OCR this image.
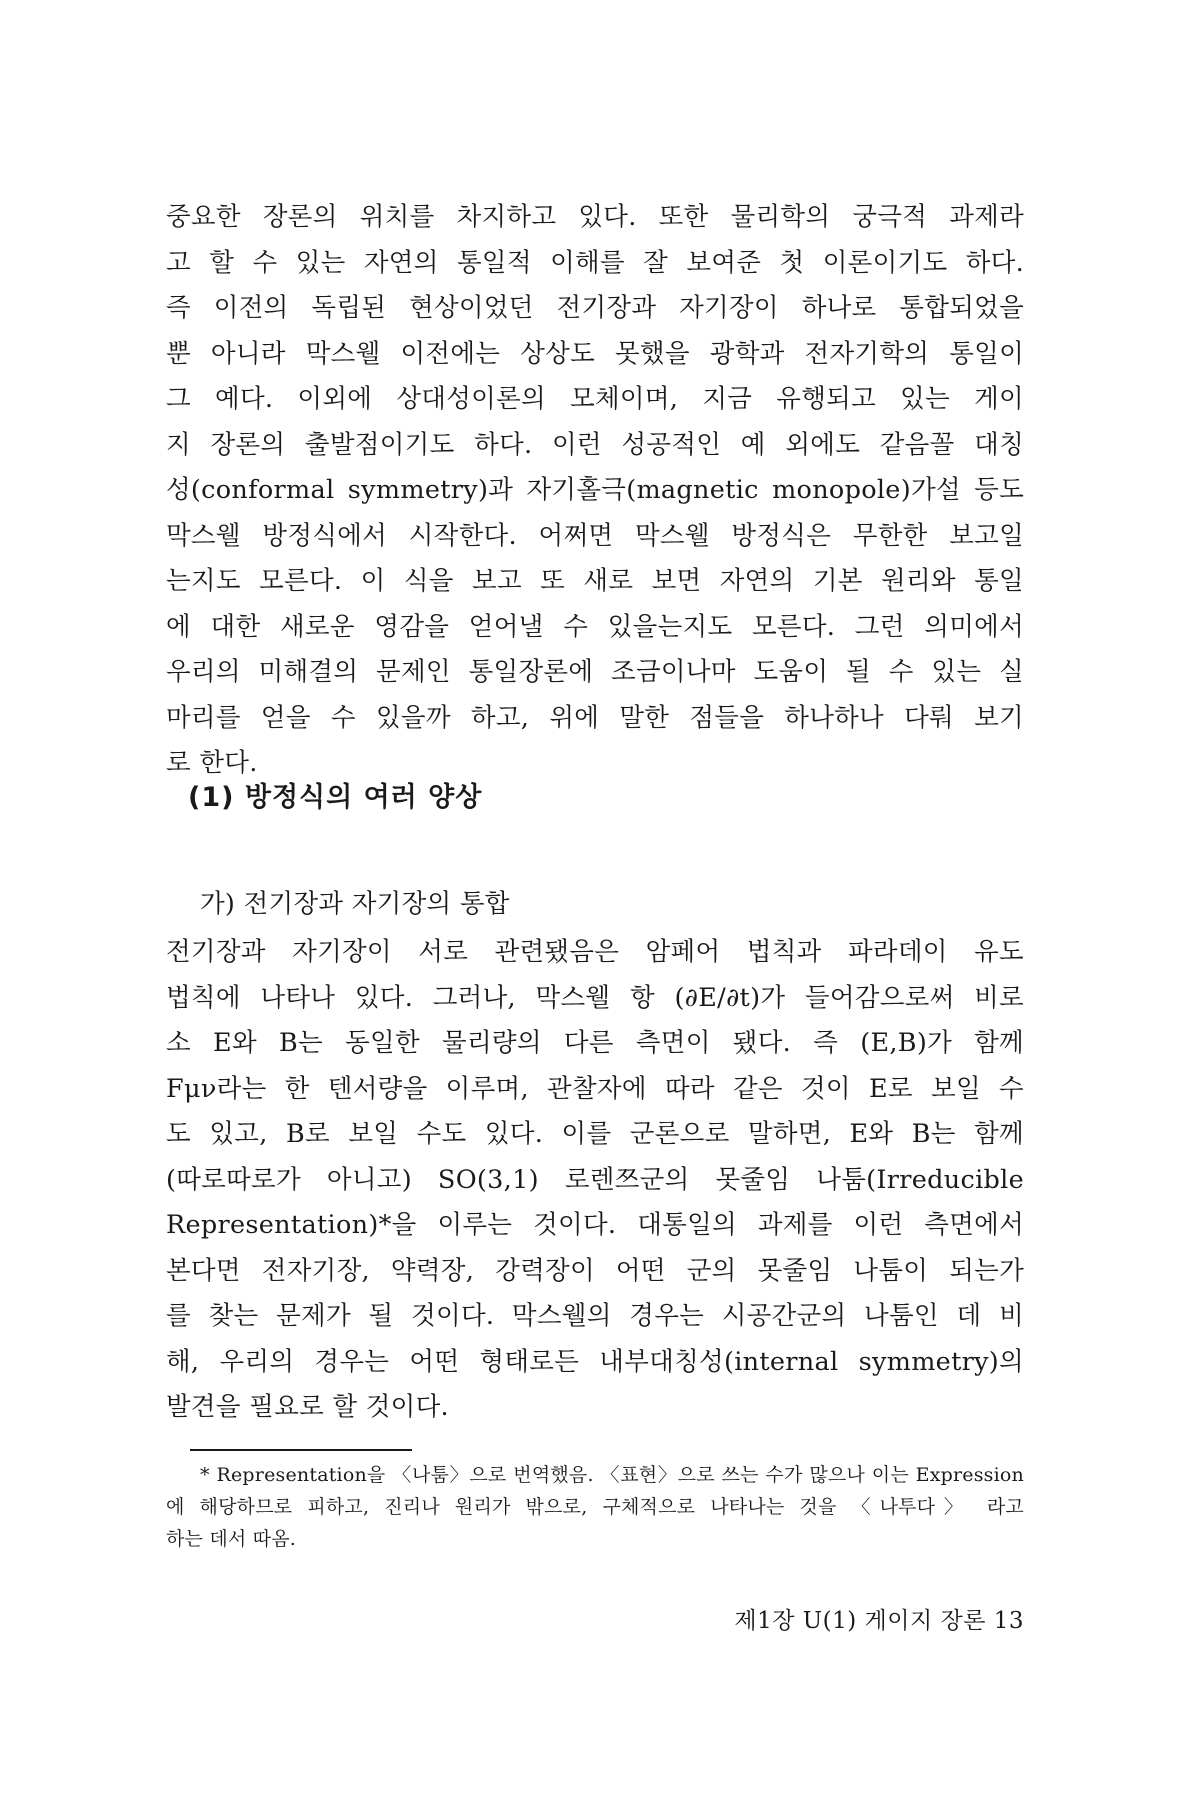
중요한 장론의 위치를 차지하고 있다. 또한 물리학의 궁극적 과제라
고 할 수 있는 자연의 통일적 이해를 잘 보여준 첫 이론이기도 하다.
즉 이전의 독립된 현상이었던 전기장과 자기장이 하나로 통합되었을
뿐 아니라 막스웰 이전에는 상상도 못했을 광학과 전자기학의 통일이
그 예다. 이외에 상대성이론의 모체이며, 지금 유행되고 있는 게이
지 장론의 출발점이기도 하다. 이런 성공적인 예 외에도 같음꼴 대칭
성(conformal symmetry)과 자기홀극(magnetic monopole)가설 등도
막스웰 방정식에서 시작한다. 어쩌면 막스웰 방정식은 무한한 보고일
는지도 모른다. 이 식을 보고 또 새로 보면 자연의 기본 원리와 통일
에 대한 새로운 영감을 얻어낼 수 있을는지도 모른다. 그런 의미에서
우리의 미해결의 문제인 통일장론에 조금이나마 도움이 될 수 있는 실
마리를 얻을 수 있을까 하고, 위에 말한 점들을 하나하나 다뤄 보기
로 한다.
(1) 방정식의 여러 양상
가) 전기장과 자기장의 통합
전기장과 자기장이 서로 관련됐음은 암페어 법칙과 파라데이 유도
법칙에 나타나 있다. 그러나, 막스웰 항 (∂E/∂t)가 들어감으로써 비로
소 E와 B는 동일한 물리량의 다른 측면이 됐다. 즉 (E,B)가 함께
Fμν라는 한 텐서량을 이루며, 관찰자에 따라 같은 것이 E로 보일 수
도 있고, B로 보일 수도 있다. 이를 군론으로 말하면, E와 B는 함께
(따로따로가 아니고) SO(3,1) 로렌쯔군의 못줄임 나툼(Irreducible
Representation)*을 이루는 것이다. 대통일의 과제를 이런 측면에서
본다면 전자기장, 약력장, 강력장이 어떤 군의 못줄임 나툼이 되는가
를 찾는 문제가 될 것이다. 막스웰의 경우는 시공간군의 나툼인 데 비
해, 우리의 경우는 어떤 형태로든 내부대칭성(internal symmetry)의
발견을 필요로 할 것이다.
* Representation을 〈나툼〉으로 번역했음. 〈표현〉으로 쓰는 수가 많으나 이는 Expression
에 해당하므로 피하고, 진리나 원리가 밖으로, 구체적으로 나타나는 것을 〈나투다〉 라고
하는 데서 따옴.
제1장 U(1) 게이지 장론 13
